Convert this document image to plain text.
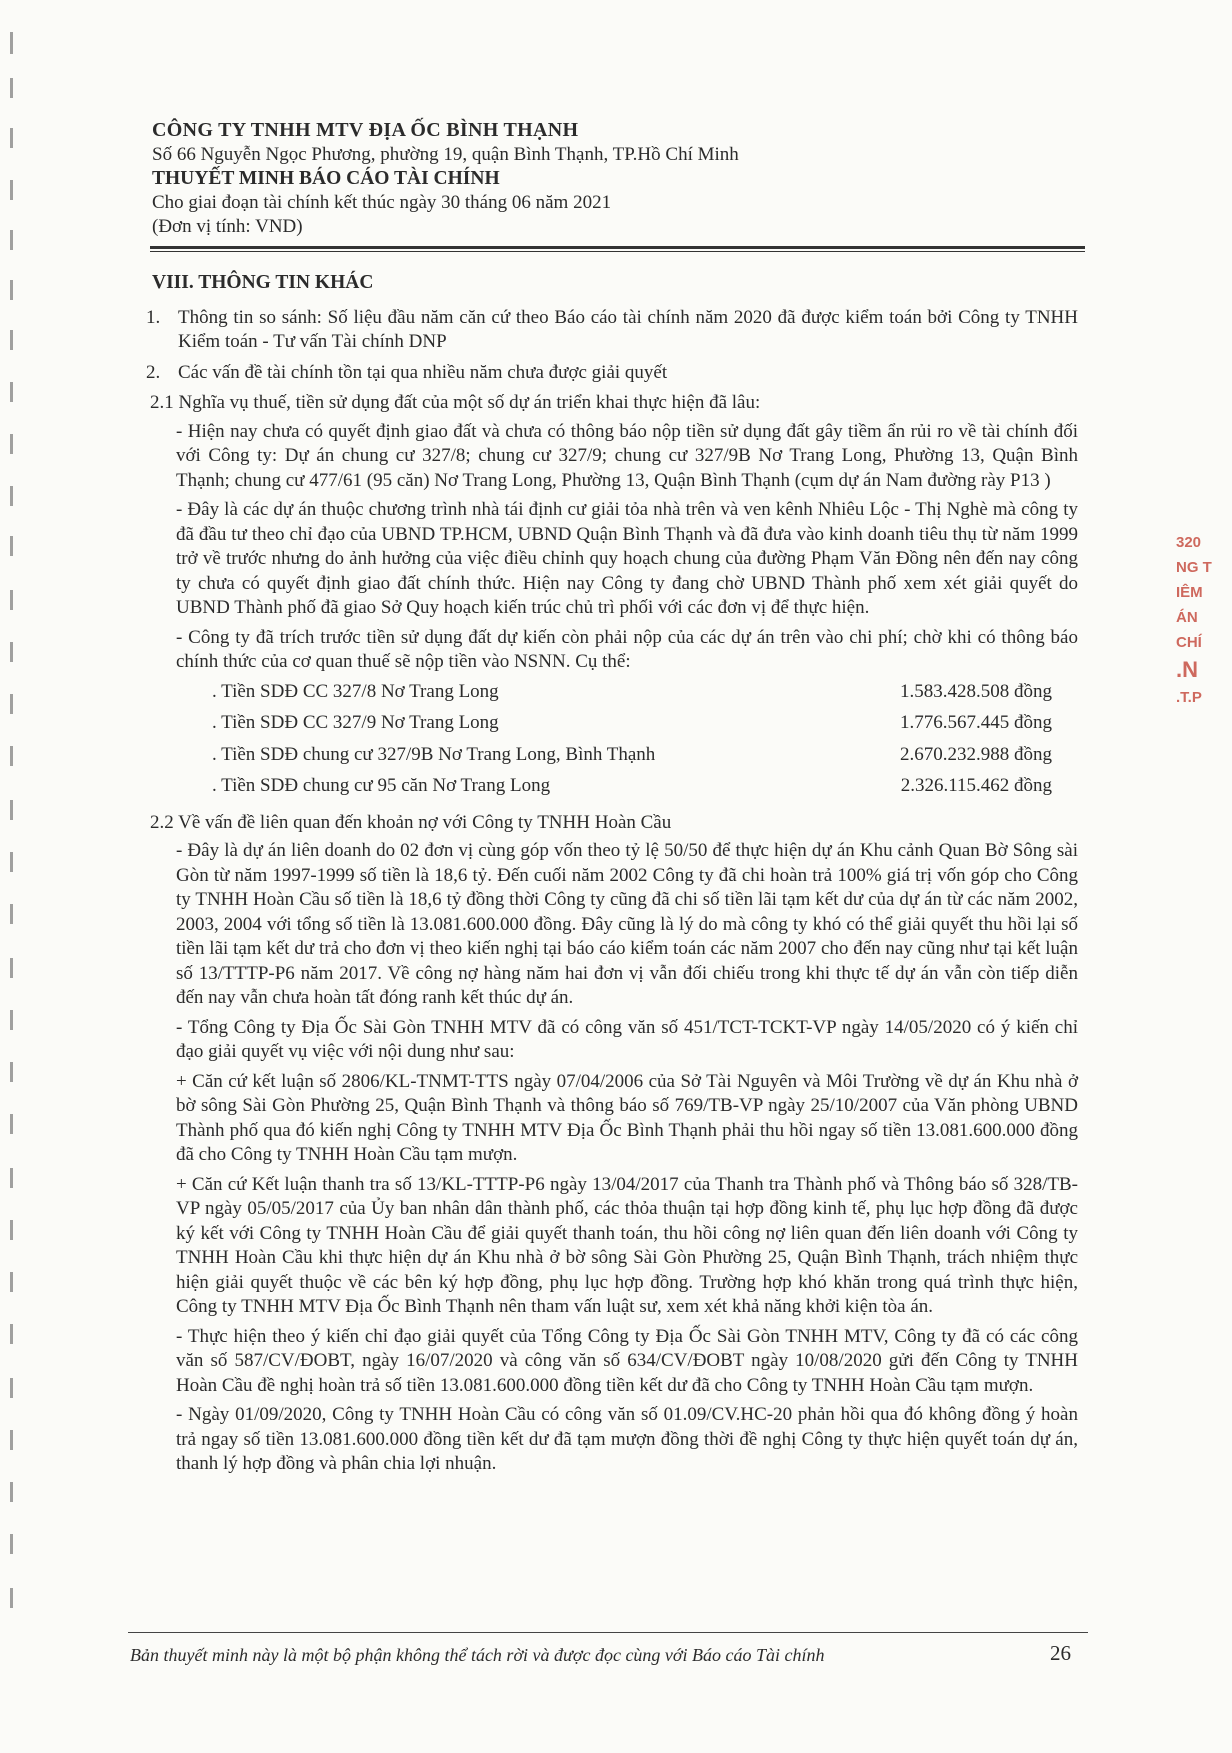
320
NG T
IÊM
ÁN
CHÍ
.N
.T.P
CÔNG TY TNHH MTV ĐỊA ỐC BÌNH THẠNH
Số 66 Nguyễn Ngọc Phương, phường 19, quận Bình Thạnh, TP.Hồ Chí Minh
THUYẾT MINH BÁO CÁO TÀI CHÍNH
Cho giai đoạn tài chính kết thúc ngày 30 tháng 06 năm 2021
(Đơn vị tính: VND)
VIII. THÔNG TIN KHÁC
1. Thông tin so sánh: Số liệu đầu năm căn cứ theo Báo cáo tài chính năm 2020 đã được kiểm toán bởi Công ty TNHH Kiểm toán - Tư vấn Tài chính DNP
2. Các vấn đề tài chính tồn tại qua nhiều năm chưa được giải quyết
2.1 Nghĩa vụ thuế, tiền sử dụng đất của một số dự án triển khai thực hiện đã lâu:
- Hiện nay chưa có quyết định giao đất và chưa có thông báo nộp tiền sử dụng đất gây tiềm ẩn rủi ro về tài chính đối với Công ty: Dự án chung cư 327/8; chung cư 327/9; chung cư 327/9B Nơ Trang Long, Phường 13, Quận Bình Thạnh; chung cư 477/61 (95 căn) Nơ Trang Long, Phường 13, Quận Bình Thạnh (cụm dự án Nam đường rày P13 )
- Đây là các dự án thuộc chương trình nhà tái định cư giải tỏa nhà trên và ven kênh Nhiêu Lộc - Thị Nghè mà công ty đã đầu tư theo chỉ đạo của UBND TP.HCM, UBND Quận Bình Thạnh và đã đưa vào kinh doanh tiêu thụ từ năm 1999 trở về trước nhưng do ảnh hưởng của việc điều chỉnh quy hoạch chung của đường Phạm Văn Đồng nên đến nay công ty chưa có quyết định giao đất chính thức. Hiện nay Công ty đang chờ UBND Thành phố xem xét giải quyết do UBND Thành phố đã giao Sở Quy hoạch kiến trúc chủ trì phối với các đơn vị để thực hiện.
- Công ty đã trích trước tiền sử dụng đất dự kiến còn phải nộp của các dự án trên vào chi phí; chờ khi có thông báo chính thức của cơ quan thuế sẽ nộp tiền vào NSNN. Cụ thể:
. Tiền SDĐ CC 327/8 Nơ Trang Long	1.583.428.508 đồng
. Tiền SDĐ CC 327/9 Nơ Trang Long	1.776.567.445 đồng
. Tiền SDĐ chung cư 327/9B Nơ Trang Long, Bình Thạnh	2.670.232.988 đồng
. Tiền SDĐ chung cư 95 căn Nơ Trang Long	2.326.115.462 đồng
2.2 Về vấn đề liên quan đến khoản nợ với Công ty TNHH Hoàn Cầu
- Đây là dự án liên doanh do 02 đơn vị cùng góp vốn theo tỷ lệ 50/50 để thực hiện dự án Khu cảnh Quan Bờ Sông sài Gòn từ năm 1997-1999 số tiền là 18,6 tỷ. Đến cuối năm 2002 Công ty đã chi hoàn trả 100% giá trị vốn góp cho Công ty TNHH Hoàn Cầu số tiền là 18,6 tỷ đồng thời Công ty cũng đã chi số tiền lãi tạm kết dư của dự án từ các năm 2002, 2003, 2004 với tổng số tiền là 13.081.600.000 đồng. Đây cũng là lý do mà công ty khó có thể giải quyết thu hồi lại số tiền lãi tạm kết dư trả cho đơn vị theo kiến nghị tại báo cáo kiểm toán các năm 2007 cho đến nay cũng như tại kết luận số 13/TTTP-P6 năm 2017. Về công nợ hàng năm hai đơn vị vẫn đối chiếu trong khi thực tế dự án vẫn còn tiếp diễn đến nay vẫn chưa hoàn tất đóng ranh kết thúc dự án.
- Tổng Công ty Địa Ốc Sài Gòn TNHH MTV đã có công văn số 451/TCT-TCKT-VP ngày 14/05/2020 có ý kiến chỉ đạo giải quyết vụ việc với nội dung như sau:
+ Căn cứ kết luận số 2806/KL-TNMT-TTS ngày 07/04/2006 của Sở Tài Nguyên và Môi Trường về dự án Khu nhà ở bờ sông Sài Gòn Phường 25, Quận Bình Thạnh và thông báo số 769/TB-VP ngày 25/10/2007 của Văn phòng UBND Thành phố qua đó kiến nghị Công ty TNHH MTV Địa Ốc Bình Thạnh phải thu hồi ngay số tiền 13.081.600.000 đồng đã cho Công ty TNHH Hoàn Cầu tạm mượn.
+ Căn cứ Kết luận thanh tra số 13/KL-TTTP-P6 ngày 13/04/2017 của Thanh tra Thành phố và Thông báo số 328/TB-VP ngày 05/05/2017 của Ủy ban nhân dân thành phố, các thỏa thuận tại hợp đồng kinh tế, phụ lục hợp đồng đã được ký kết với Công ty TNHH Hoàn Cầu để giải quyết thanh toán, thu hồi công nợ liên quan đến liên doanh với Công ty TNHH Hoàn Cầu khi thực hiện dự án Khu nhà ở bờ sông Sài Gòn Phường 25, Quận Bình Thạnh, trách nhiệm thực hiện giải quyết thuộc về các bên ký hợp đồng, phụ lục hợp đồng. Trường hợp khó khăn trong quá trình thực hiện, Công ty TNHH MTV Địa Ốc Bình Thạnh nên tham vấn luật sư, xem xét khả năng khởi kiện tòa án.
- Thực hiện theo ý kiến chỉ đạo giải quyết của Tổng Công ty Địa Ốc Sài Gòn TNHH MTV, Công ty đã có các công văn số 587/CV/ĐOBT, ngày 16/07/2020 và công văn số 634/CV/ĐOBT ngày 10/08/2020 gửi đến Công ty TNHH Hoàn Cầu đề nghị hoàn trả số tiền 13.081.600.000 đồng tiền kết dư đã cho Công ty TNHH Hoàn Cầu tạm mượn.
- Ngày 01/09/2020, Công ty TNHH Hoàn Cầu có công văn số 01.09/CV.HC-20 phản hồi qua đó không đồng ý hoàn trả ngay số tiền 13.081.600.000 đồng tiền kết dư đã tạm mượn đồng thời đề nghị Công ty thực hiện quyết toán dự án, thanh lý hợp đồng và phân chia lợi nhuận.
Bản thuyết minh này là một bộ phận không thể tách rời và được đọc cùng với Báo cáo Tài chính	26
